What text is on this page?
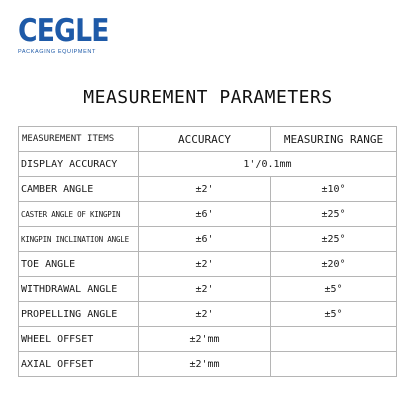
CEGLE
PACKAGING EQUIPMENT
MEASUREMENT PARAMETERS
MEASUREMENT ITEMS	ACCURACY	MEASURING RANGE
DISPLAY ACCURACY	1'/0.1mm	
CAMBER ANGLE	±2'	±10°
CASTER ANGLE OF KINGPIN	±6'	±25°
KINGPIN INCLINATION ANGLE	±6'	±25°
TOE ANGLE	±2'	±20°
WITHDRAWAL ANGLE	±2'	±5°
PROPELLING ANGLE	±2'	±5°
WHEEL OFFSET	±2'mm	
AXIAL OFFSET	±2'mm	
